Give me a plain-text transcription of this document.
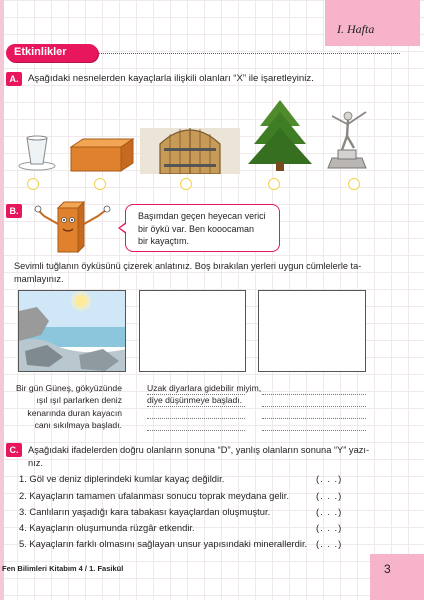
I. Hafta
Etkinlikler
A. Aşağıdaki nesnelerden kayaçlarla ilişkili olanları “X” ile işaretleyiniz.
B.	Başımdan geçen heyecan verici
bir öykü var. Ben kooocaman
bir kayaçtım.
Sevimli tuğlanın öyküsünü çizerek anlatınız. Boş bırakılan yerleri uygun cümlelerle ta-
mamlayınız.
Bir gün Güneş, gökyüzünde
ışıl ışıl parlarken deniz
kenarında duran kayacın
canı sıkılmaya başladı.
Uzak diyarlara gidebilir miyim,
diye düşünmeye başladı.
C.	Aşağıdaki ifadelerden doğru olanların sonuna “D”, yanlış olanların sonuna “Y” yazı-
nız.
1. Göl ve deniz diplerindeki kumlar kayaç değildir.	(. . .)
2. Kayaçların tamamen ufalanması sonucu toprak meydana gelir.	(. . .)
3. Canlıların yaşadığı kara tabakası kayaçlardan oluşmuştur.	(. . .)
4. Kayaçların oluşumunda rüzgâr etkendir.	(. . .)
5. Kayaçların farklı olmasını sağlayan unsur yapısındaki minerallerdir. (. . .)
Fen Bilimleri Kitabım 4 / 1. Fasikül	3
